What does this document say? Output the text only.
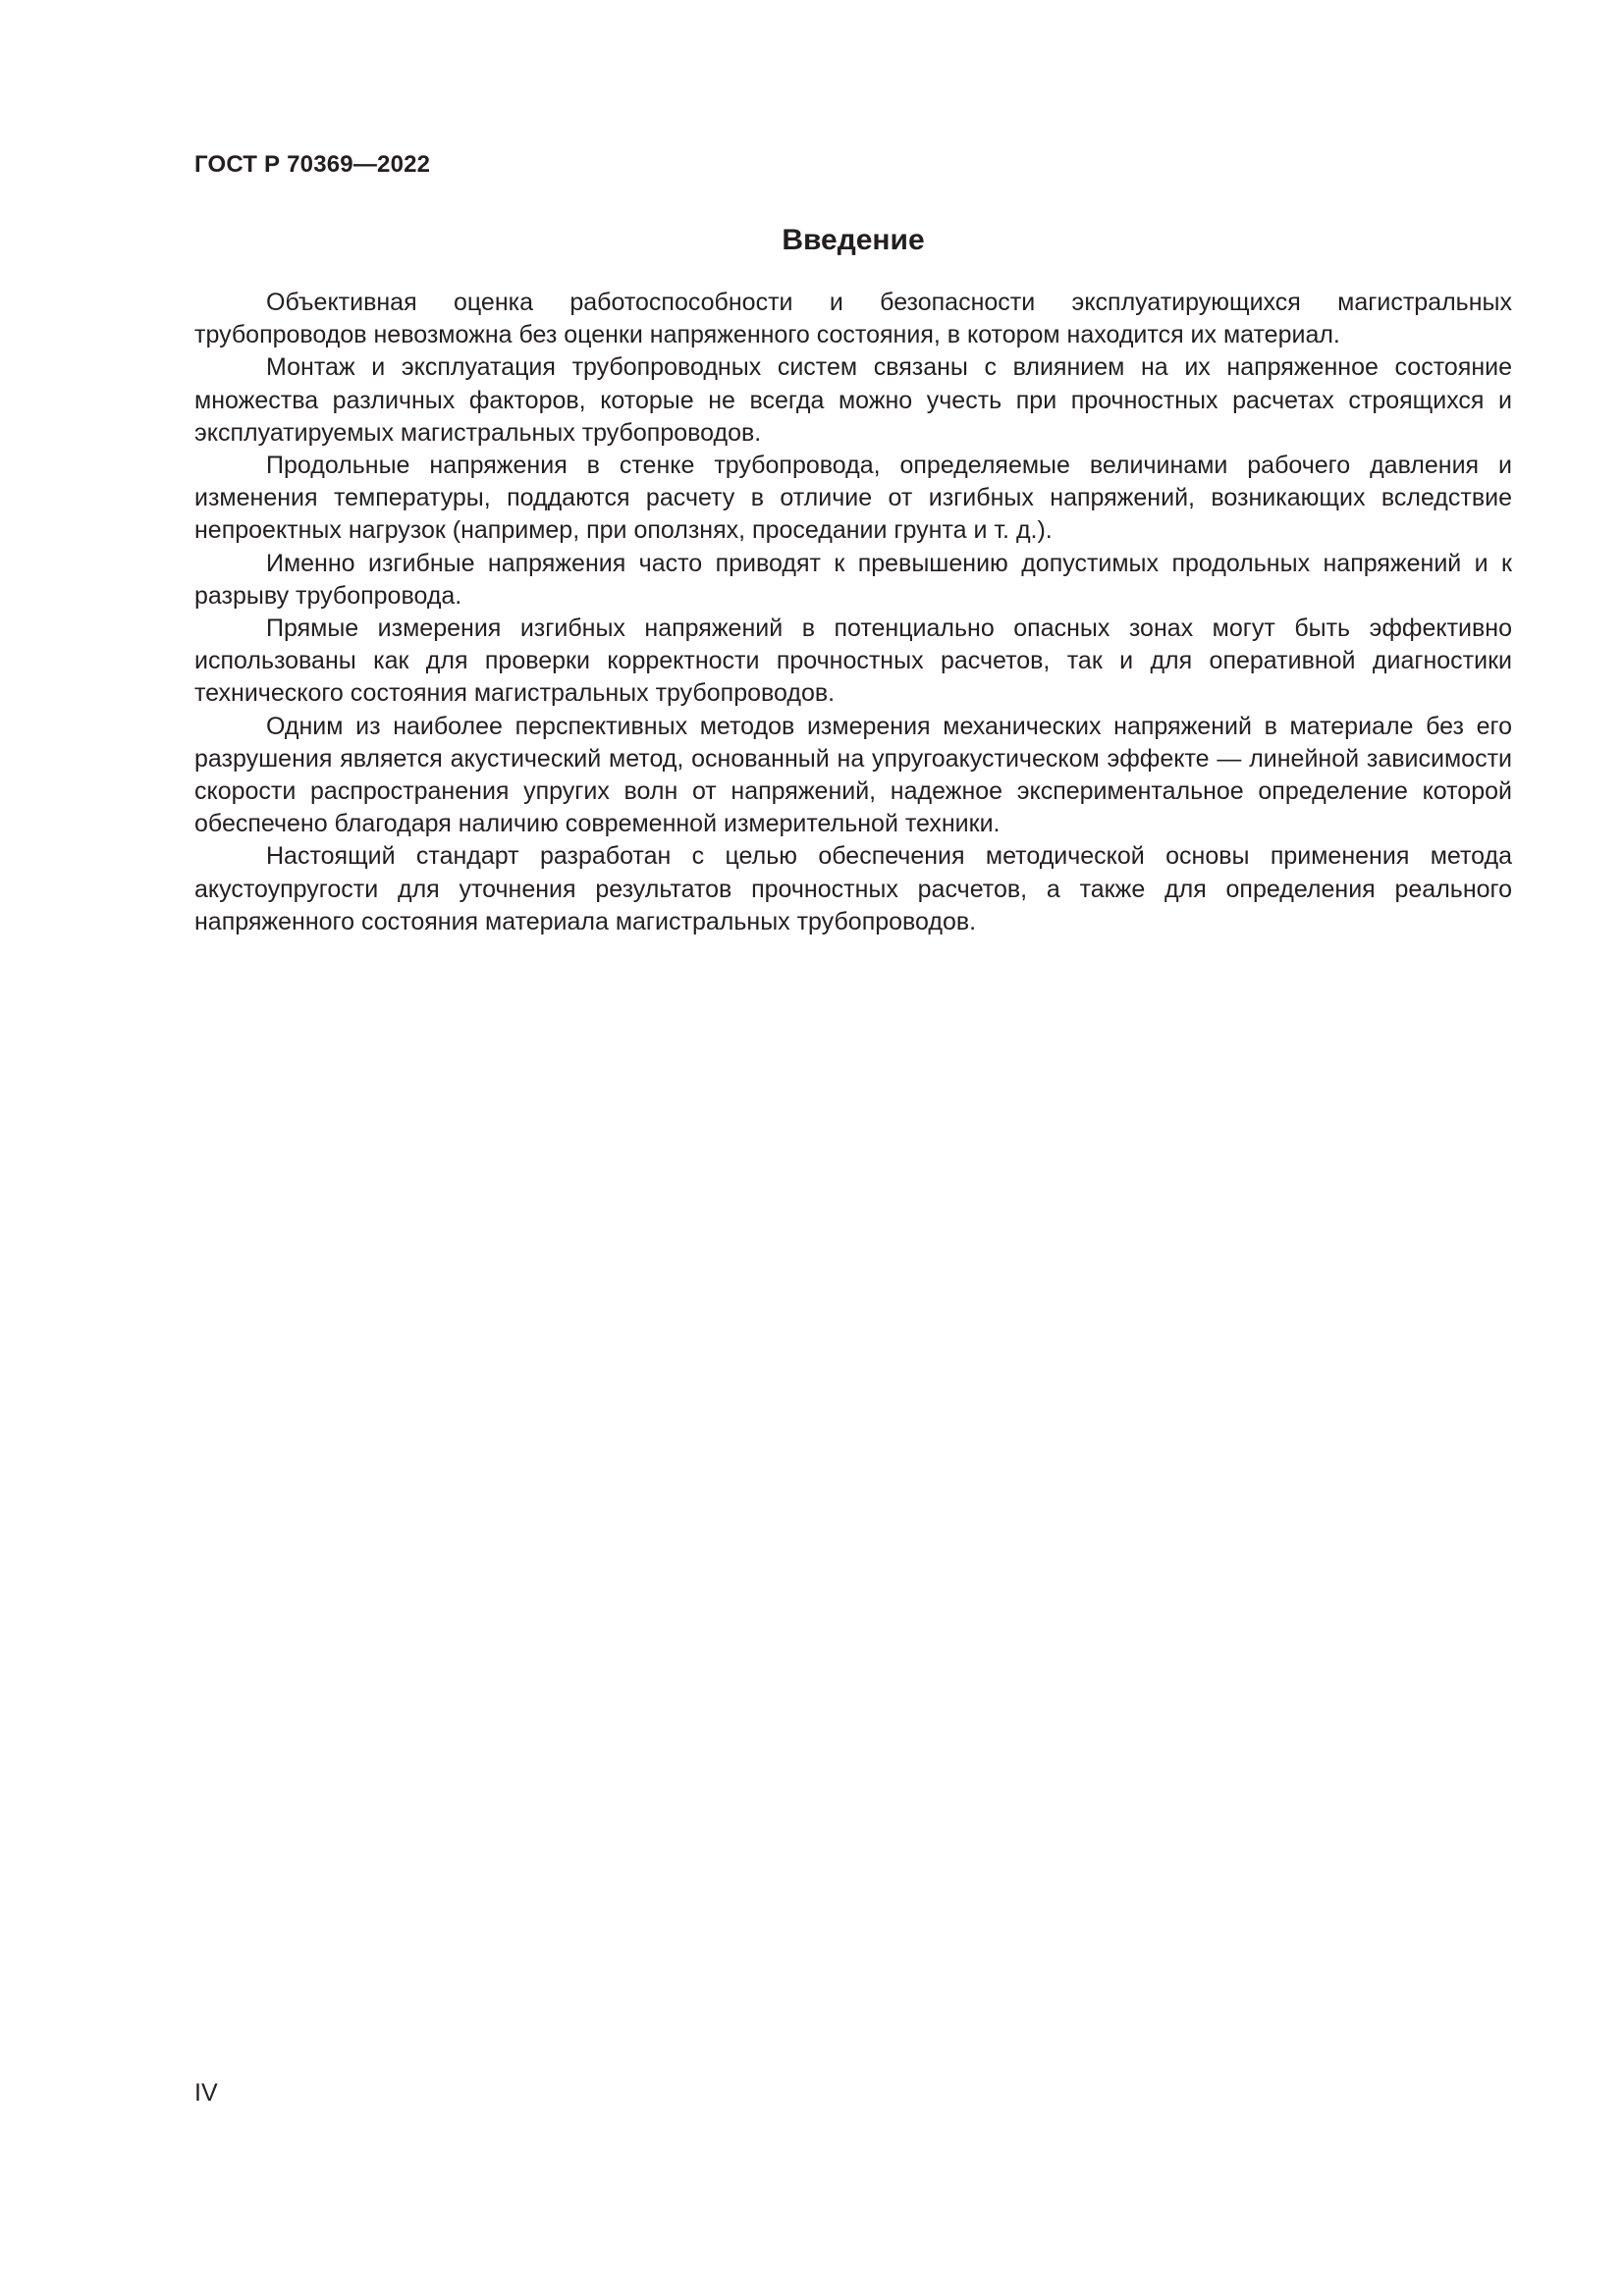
ГОСТ Р 70369—2022
Введение

Объективная оценка работоспособности и безопасности эксплуатирующихся магистральных трубопроводов невозможна без оценки напряженного состояния, в котором находится их материал.

Монтаж и эксплуатация трубопроводных систем связаны с влиянием на их напряженное состояние множества различных факторов, которые не всегда можно учесть при прочностных расчетах строящихся и эксплуатируемых магистральных трубопроводов.

Продольные напряжения в стенке трубопровода, определяемые величинами рабочего давления и изменения температуры, поддаются расчету в отличие от изгибных напряжений, возникающих вследствие непроектных нагрузок (например, при оползнях, проседании грунта и т. д.).

Именно изгибные напряжения часто приводят к превышению допустимых продольных напряжений и к разрыву трубопровода.

Прямые измерения изгибных напряжений в потенциально опасных зонах могут быть эффективно использованы как для проверки корректности прочностных расчетов, так и для оперативной диагностики технического состояния магистральных трубопроводов.

Одним из наиболее перспективных методов измерения механических напряжений в материале без его разрушения является акустический метод, основанный на упругоакустическом эффекте — линейной зависимости скорости распространения упругих волн от напряжений, надежное экспериментальное определение которой обеспечено благодаря наличию современной измерительной техники.

Настоящий стандарт разработан с целью обеспечения методической основы применения метода акустоупругости для уточнения результатов прочностных расчетов, а также для определения реального напряженного состояния материала магистральных трубопроводов.

IV
